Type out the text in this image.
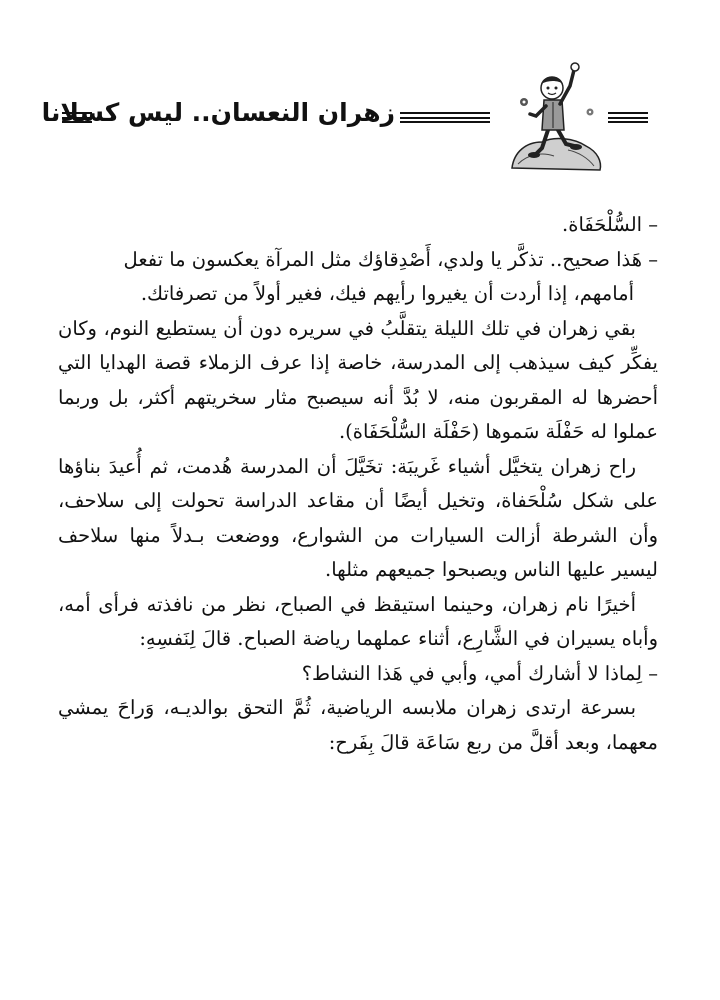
زهران النعسان.. ليس كسلانا

– السُّلْحَفَاة.

– هَذا صحيح.. تذكَّر يا ولدي، أَصْدِقاؤك مثل المرآة يعكسون ما تفعل

أمامهم، إذا أردت أن يغيروا رأيهم فيك، فغير أولاً من تصرفاتك.

بقي زهران في تلك الليلة يتقلَّبُ في سريره دون أن يستطيع النوم، وكان يفكِّر كيف سيذهب إلى المدرسة، خاصة إذا عرف الزملاء قصة الهدايا التي أحضرها له المقربون منه، لا بُدَّ أنه سيصبح مثار سخريتهم أكثر، بل وربما عملوا له حَفْلَة سَموها (حَفْلَة السُّلْحَفَاة).

راح زهران يتخيَّل أشياء غَريبَة: تخَيَّلَ أن المدرسة هُدمت، ثم أُعيدَ بناؤها على شكل سُلْحَفاة، وتخيل أيضًا أن مقاعد الدراسة تحولت إلى سلاحف، وأن الشرطة أزالت السيارات من الشوارع، ووضعت بـدلاً منها سلاحف ليسير عليها الناس ويصبحوا جميعهم مثلها.

أخيرًا نام زهران، وحينما استيقظ في الصباح، نظر من نافذته فرأى أمه، وأباه يسيران في الشَّارِع، أثناء عملهما رياضة الصباح. قالَ لِنَفسِهِ:

– لِماذا لا أشارك أمي، وأبي في هَذا النشاط؟

بسرعة ارتدى زهران ملابسه الرياضية، ثُمَّ التحق بوالديـه، وَراحَ يمشي معهما، وبعد أقلَّ من ربع سَاعَة قالَ بِفَرح:
